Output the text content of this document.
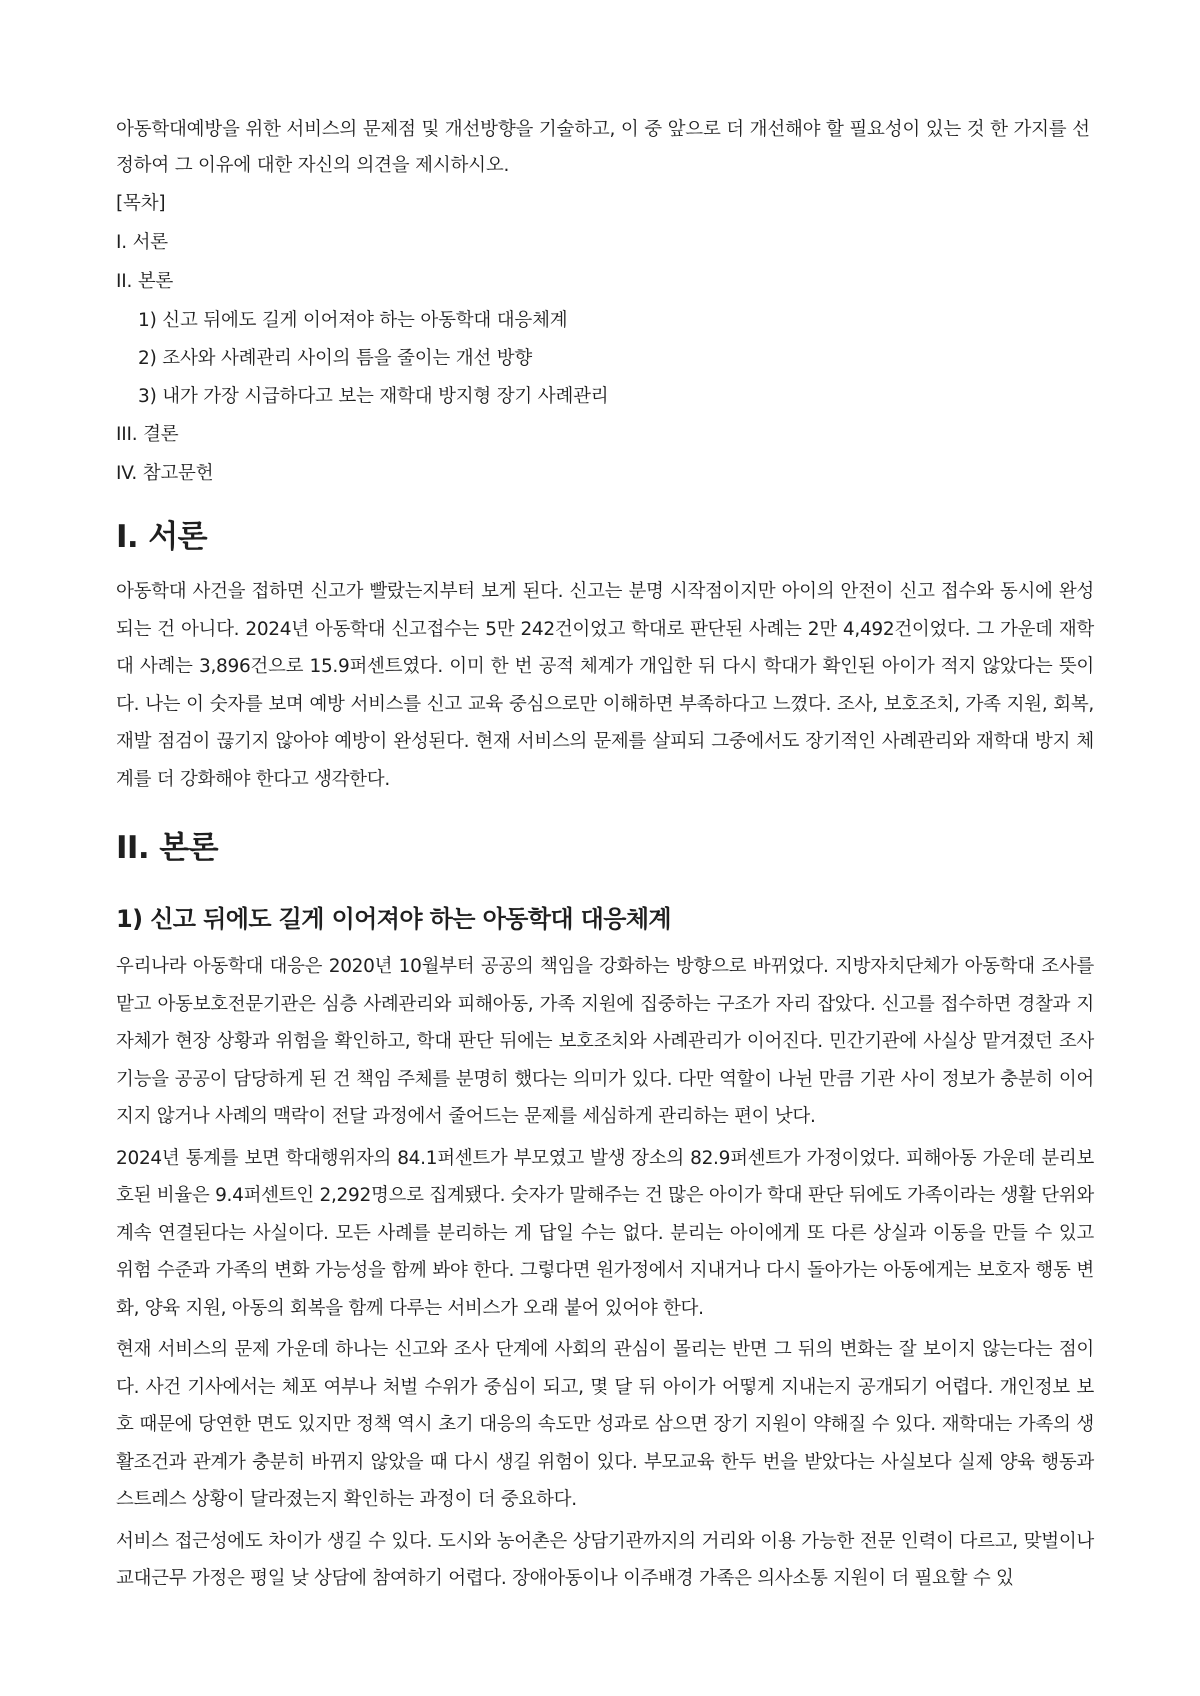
아동학대예방을 위한 서비스의 문제점 및 개선방향을 기술하고, 이 중 앞으로 더 개선해야 할 필요성이 있는 것 한 가지를 선정하여 그 이유에 대한 자신의 의견을 제시하시오.

[목차]

I. 서론

II. 본론

1) 신고 뒤에도 길게 이어져야 하는 아동학대 대응체계

2) 조사와 사례관리 사이의 틈을 줄이는 개선 방향

3) 내가 가장 시급하다고 보는 재학대 방지형 장기 사례관리

III. 결론

IV. 참고문헌

I. 서론

아동학대 사건을 접하면 신고가 빨랐는지부터 보게 된다. 신고는 분명 시작점이지만 아이의 안전이 신고 접수와 동시에 완성되는 건 아니다. 2024년 아동학대 신고접수는 5만 242건이었고 학대로 판단된 사례는 2만 4,492건이었다. 그 가운데 재학대 사례는 3,896건으로 15.9퍼센트였다. 이미 한 번 공적 체계가 개입한 뒤 다시 학대가 확인된 아이가 적지 않았다는 뜻이다. 나는 이 숫자를 보며 예방 서비스를 신고 교육 중심으로만 이해하면 부족하다고 느꼈다. 조사, 보호조치, 가족 지원, 회복, 재발 점검이 끊기지 않아야 예방이 완성된다. 현재 서비스의 문제를 살피되 그중에서도 장기적인 사례관리와 재학대 방지 체계를 더 강화해야 한다고 생각한다.

II. 본론
1) 신고 뒤에도 길게 이어져야 하는 아동학대 대응체계

우리나라 아동학대 대응은 2020년 10월부터 공공의 책임을 강화하는 방향으로 바뀌었다. 지방자치단체가 아동학대 조사를 맡고 아동보호전문기관은 심층 사례관리와 피해아동, 가족 지원에 집중하는 구조가 자리 잡았다. 신고를 접수하면 경찰과 지자체가 현장 상황과 위험을 확인하고, 학대 판단 뒤에는 보호조치와 사례관리가 이어진다. 민간기관에 사실상 맡겨졌던 조사 기능을 공공이 담당하게 된 건 책임 주체를 분명히 했다는 의미가 있다. 다만 역할이 나뉜 만큼 기관 사이 정보가 충분히 이어지지 않거나 사례의 맥락이 전달 과정에서 줄어드는 문제를 세심하게 관리하는 편이 낫다.

2024년 통계를 보면 학대행위자의 84.1퍼센트가 부모였고 발생 장소의 82.9퍼센트가 가정이었다. 피해아동 가운데 분리보호된 비율은 9.4퍼센트인 2,292명으로 집계됐다. 숫자가 말해주는 건 많은 아이가 학대 판단 뒤에도 가족이라는 생활 단위와 계속 연결된다는 사실이다. 모든 사례를 분리하는 게 답일 수는 없다. 분리는 아이에게 또 다른 상실과 이동을 만들 수 있고 위험 수준과 가족의 변화 가능성을 함께 봐야 한다. 그렇다면 원가정에서 지내거나 다시 돌아가는 아동에게는 보호자 행동 변화, 양육 지원, 아동의 회복을 함께 다루는 서비스가 오래 붙어 있어야 한다.

현재 서비스의 문제 가운데 하나는 신고와 조사 단계에 사회의 관심이 몰리는 반면 그 뒤의 변화는 잘 보이지 않는다는 점이다. 사건 기사에서는 체포 여부나 처벌 수위가 중심이 되고, 몇 달 뒤 아이가 어떻게 지내는지 공개되기 어렵다. 개인정보 보호 때문에 당연한 면도 있지만 정책 역시 초기 대응의 속도만 성과로 삼으면 장기 지원이 약해질 수 있다. 재학대는 가족의 생활조건과 관계가 충분히 바뀌지 않았을 때 다시 생길 위험이 있다. 부모교육 한두 번을 받았다는 사실보다 실제 양육 행동과 스트레스 상황이 달라졌는지 확인하는 과정이 더 중요하다.

서비스 접근성에도 차이가 생길 수 있다. 도시와 농어촌은 상담기관까지의 거리와 이용 가능한 전문 인력이 다르고, 맞벌이나 교대근무 가정은 평일 낮 상담에 참여하기 어렵다. 장애아동이나 이주배경 가족은 의사소통 지원이 더 필요할 수 있
